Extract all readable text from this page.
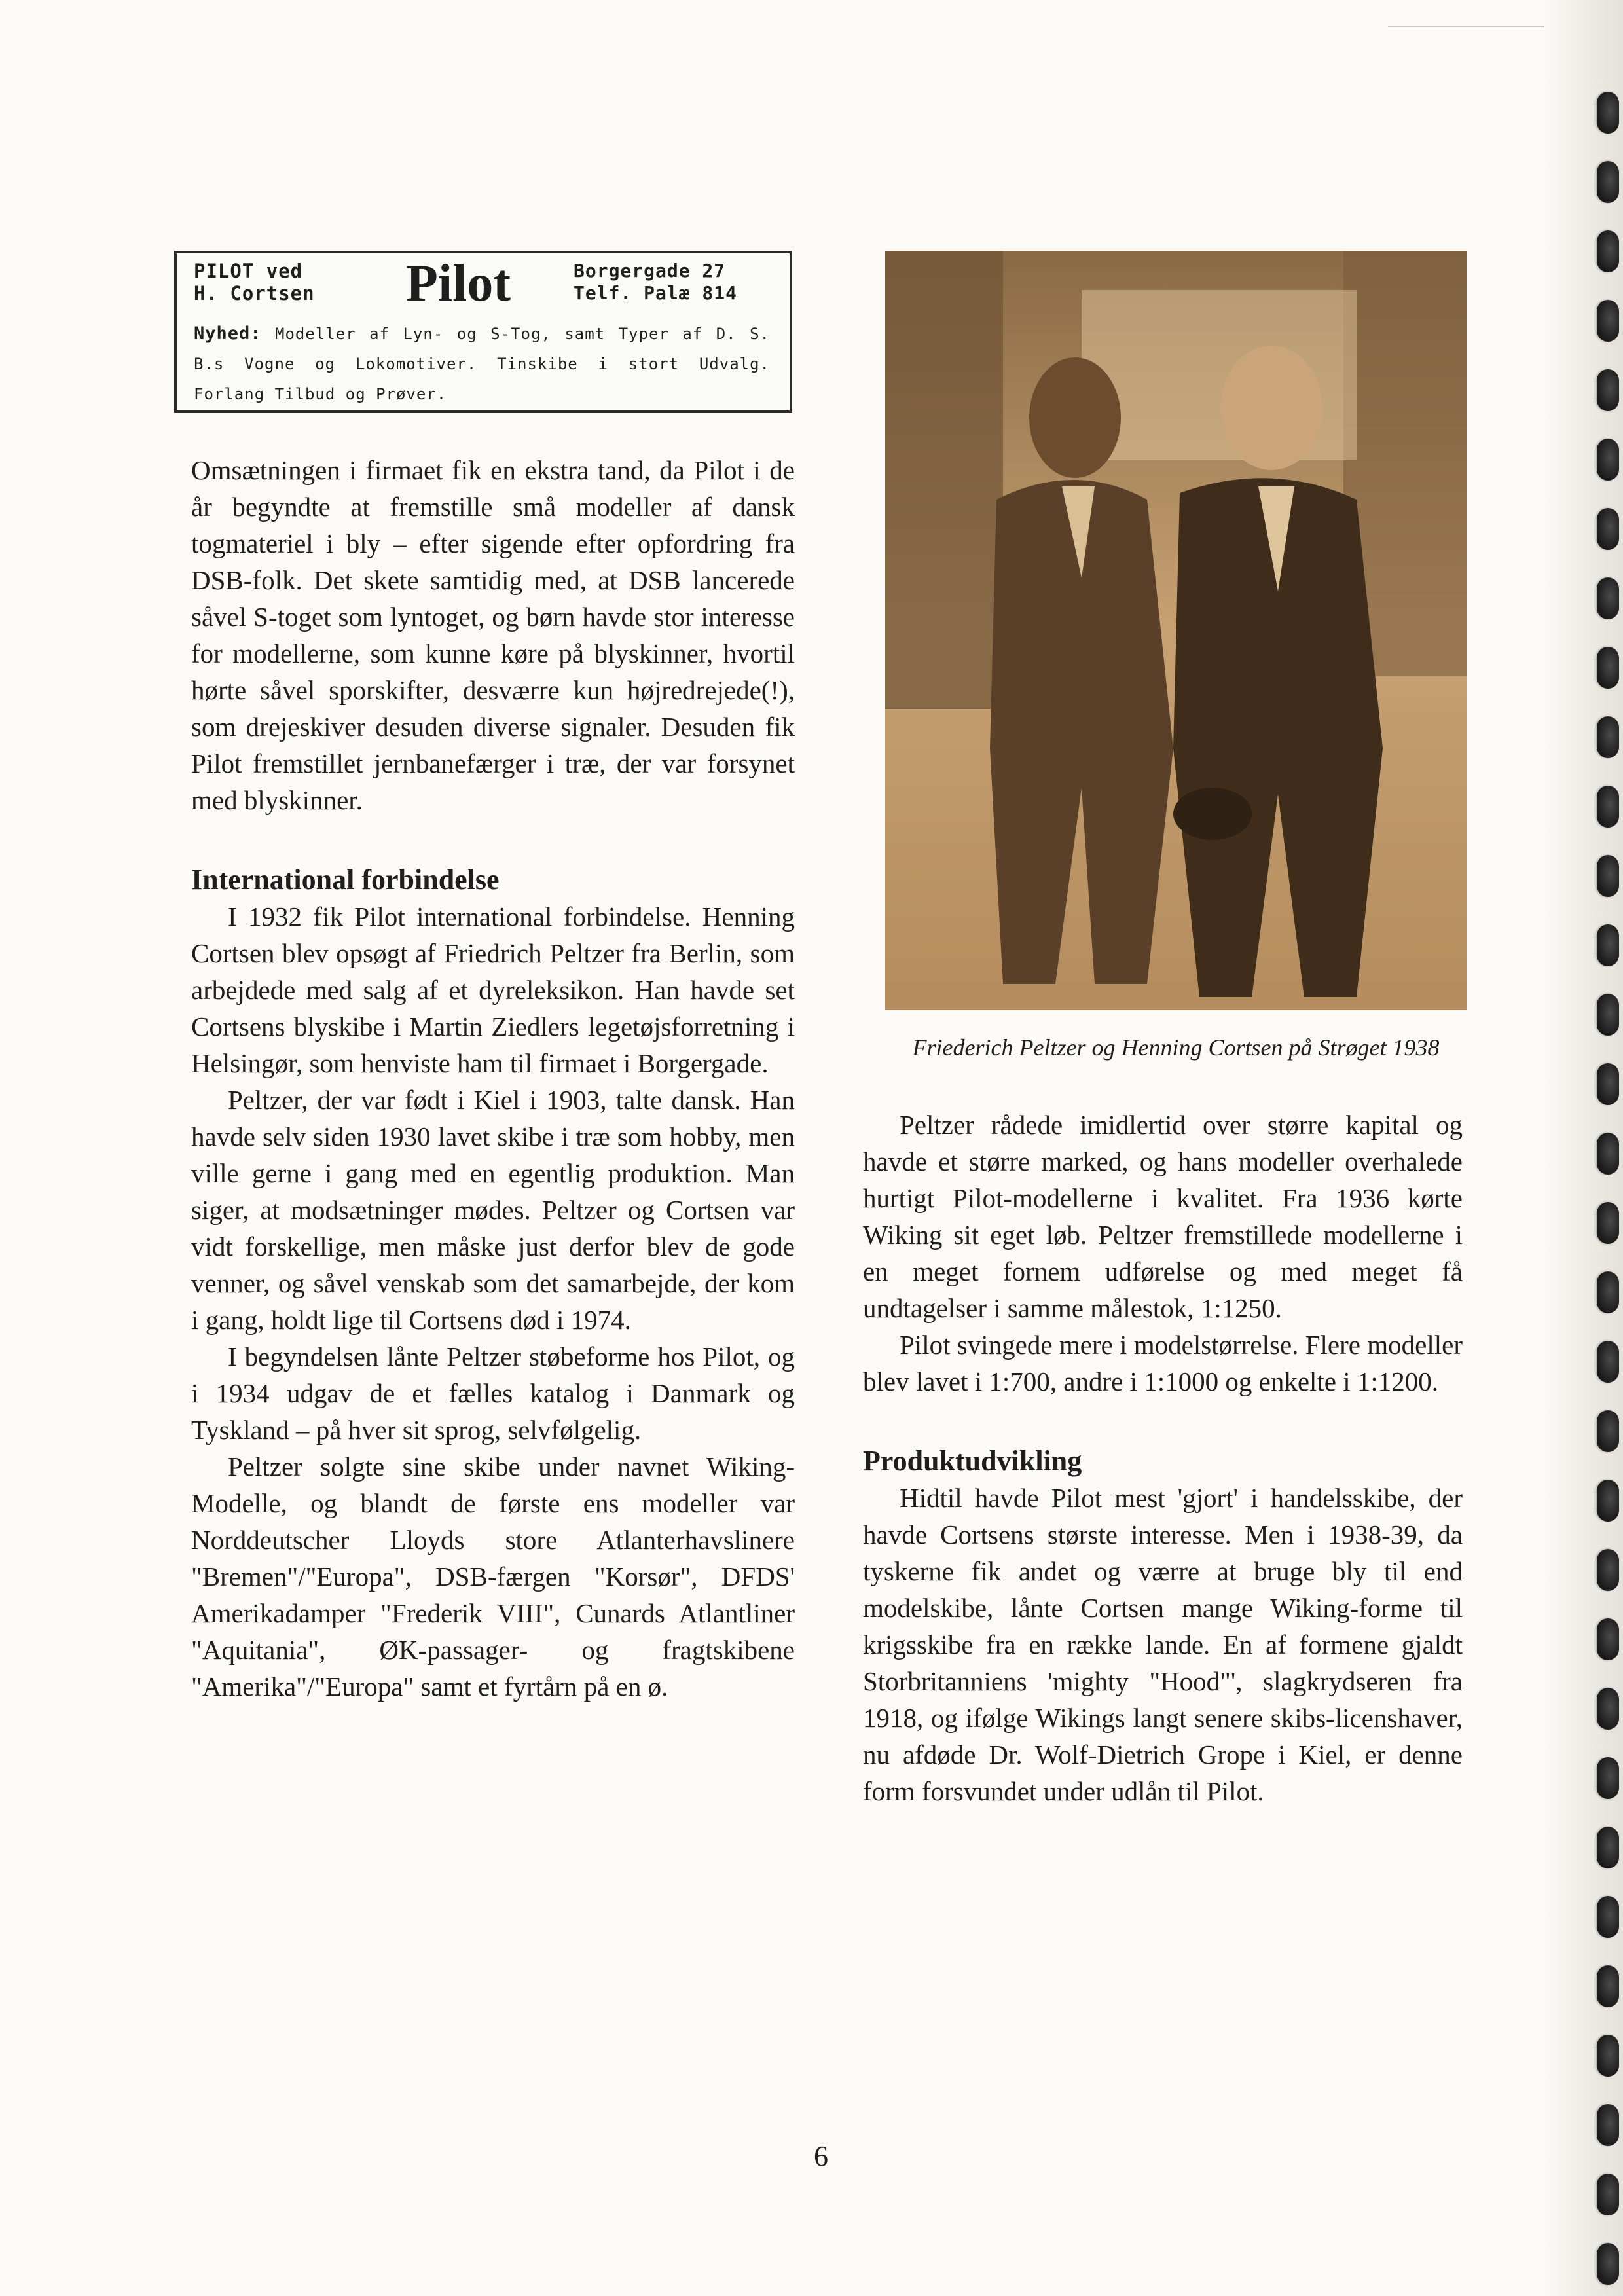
PILOT ved
H. Cortsen Pilot	Borgergade 27
Telf. Palæ 814
Nyhed: Modeller af Lyn- og S-Tog, samt Typer af D. S. B.s Vogne og Lokomotiver. Tinskibe i stort Udvalg. Forlang Tilbud og Prøver.

Omsætningen i firmaet fik en ekstra tand, da Pilot i de år begyndte at fremstille små modeller af dansk togmateriel i bly – efter sigende efter opfordring fra DSB-folk. Det skete samtidig med, at DSB lancerede såvel S-toget som lyntoget, og børn havde stor interesse for modellerne, som kunne køre på blyskinner, hvortil hørte såvel sporskifter, desværre kun højredrejede(!), som drejeskiver desuden diverse signaler. Desuden fik Pilot fremstillet jernbanefærger i træ, der var forsynet med blyskinner.

International forbindelse

I 1932 fik Pilot international forbindelse. Henning Cortsen blev opsøgt af Friedrich Peltzer fra Berlin, som arbejdede med salg af et dyreleksikon. Han havde set Cortsens blyskibe i Martin Ziedlers legetøjsforretning i Helsingør, som henviste ham til firmaet i Borgergade.

Peltzer, der var født i Kiel i 1903, talte dansk. Han havde selv siden 1930 lavet skibe i træ som hobby, men ville gerne i gang med en egentlig produktion. Man siger, at modsætninger mødes. Peltzer og Cortsen var vidt forskellige, men måske just derfor blev de gode venner, og såvel venskab som det samarbejde, der kom i gang, holdt lige til Cortsens død i 1974.

I begyndelsen lånte Peltzer støbeforme hos Pilot, og i 1934 udgav de et fælles katalog i Danmark og Tyskland – på hver sit sprog, selvfølgelig.

Peltzer solgte sine skibe under navnet Wiking-Modelle, og blandt de første ens modeller var Norddeutscher Lloyds store Atlanterhavslinere "Bremen"/"Europa", DSB-færgen "Korsør", DFDS' Amerikadamper "Frederik VIII", Cunards Atlantliner "Aquitania", ØK-passager- og fragtskibene "Amerika"/"Europa" samt et fyrtårn på en ø.

Friederich Peltzer og Henning Cortsen på Strøget 1938

Peltzer rådede imidlertid over større kapital og havde et større marked, og hans modeller overhalede hurtigt Pilot-modellerne i kvalitet. Fra 1936 kørte Wiking sit eget løb. Peltzer fremstillede modellerne i en meget fornem udførelse og med meget få undtagelser i samme målestok, 1:1250.

Pilot svingede mere i modelstørrelse. Flere modeller blev lavet i 1:700, andre i 1:1000 og enkelte i 1:1200.

Produktudvikling

Hidtil havde Pilot mest 'gjort' i handelsskibe, der havde Cortsens største interesse. Men i 1938-39, da tyskerne fik andet og værre at bruge bly til end modelskibe, lånte Cortsen mange Wiking-forme til krigsskibe fra en række lande. En af formene gjaldt Storbritanniens 'mighty "Hood"', slagkrydseren fra 1918, og ifølge Wikings langt senere skibs-licenshaver, nu afdøde Dr. Wolf-Dietrich Grope i Kiel, er denne form forsvundet under udlån til Pilot.

6
